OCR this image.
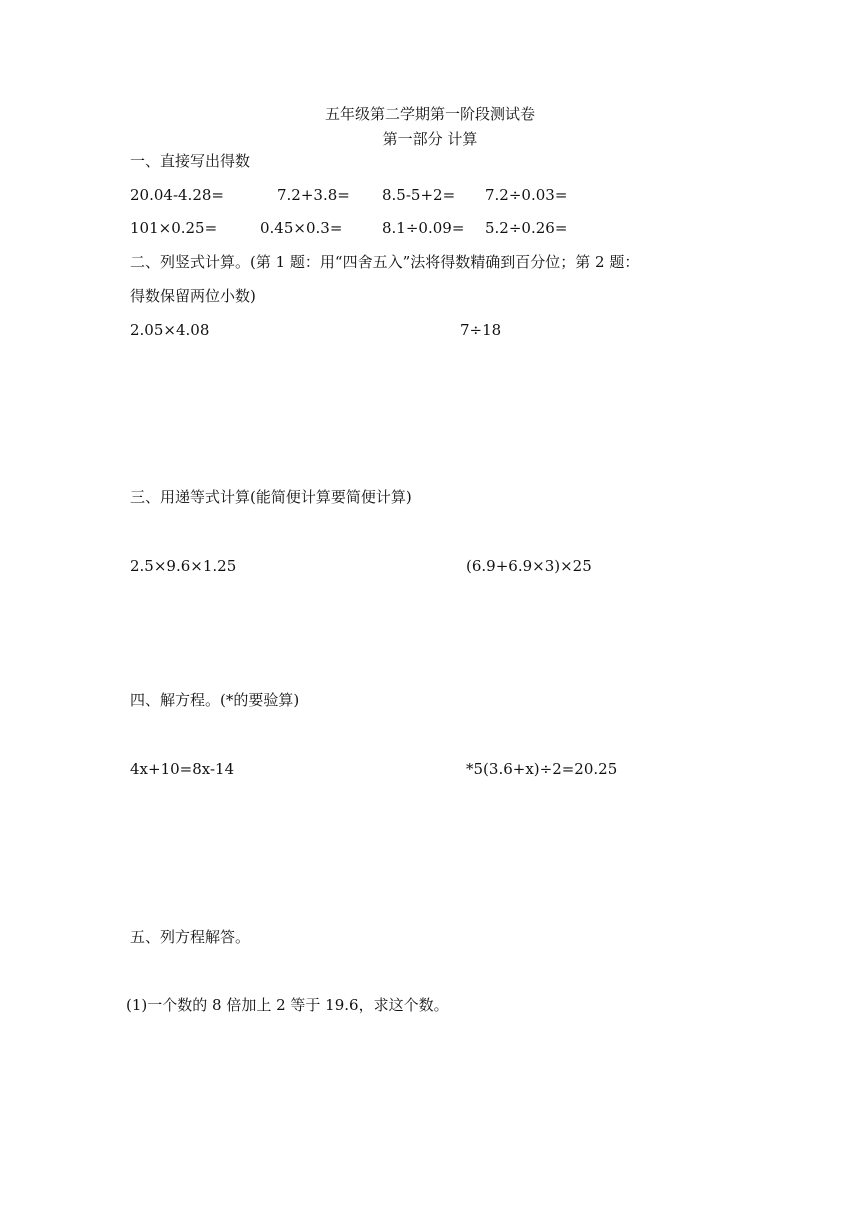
五年级第二学期第一阶段测试卷
第一部分 计算
一、直接写出得数
20.04-4.28=	7.2+3.8= 8.5-5+2= 7.2÷0.03=
101×0.25=	0.45×0.3=	8.1÷0.09= 5.2÷0.26=
二、列竖式计算。(第 1 题：用“四舍五入”法将得数精确到百分位；第 2 题：
得数保留两位小数)
2.05×4.08	7÷18
三、用递等式计算(能简便计算要简便计算)
2.5×9.6×1.25	(6.9+6.9×3)×25
四、解方程。(*的要验算)
4x+10=8x-14	*5(3.6+x)÷2=20.25
五、列方程解答。
(1)一个数的 8 倍加上 2 等于 19.6，求这个数。
